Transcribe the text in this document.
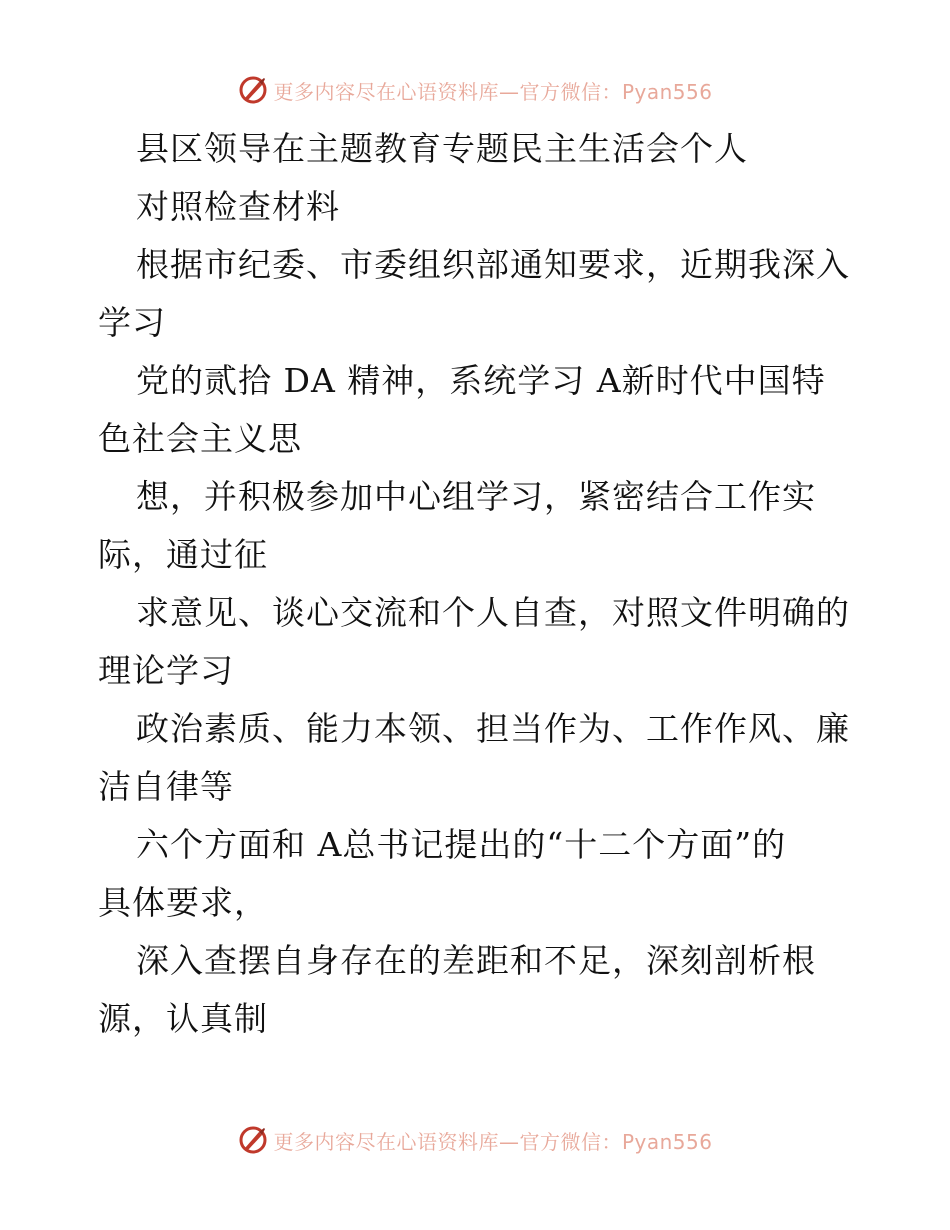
更多内容尽在心语资料库—官方微信：Pyan556

县区领导在主题教育专题民主生活会个人

对照检查材料

根据市纪委、市委组织部通知要求，近期我深入

学习

党的贰拾 DA 精神，系统学习 A新时代中国特

色社会主义思

想，并积极参加中心组学习，紧密结合工作实

际，通过征

求意见、谈心交流和个人自查，对照文件明确的

理论学习

政治素质、能力本领、担当作为、工作作风、廉

洁自律等

六个方面和 A总书记提出的“十二个方面”的

具体要求，

深入查摆自身存在的差距和不足，深刻剖析根

源，认真制

更多内容尽在心语资料库—官方微信：Pyan556
